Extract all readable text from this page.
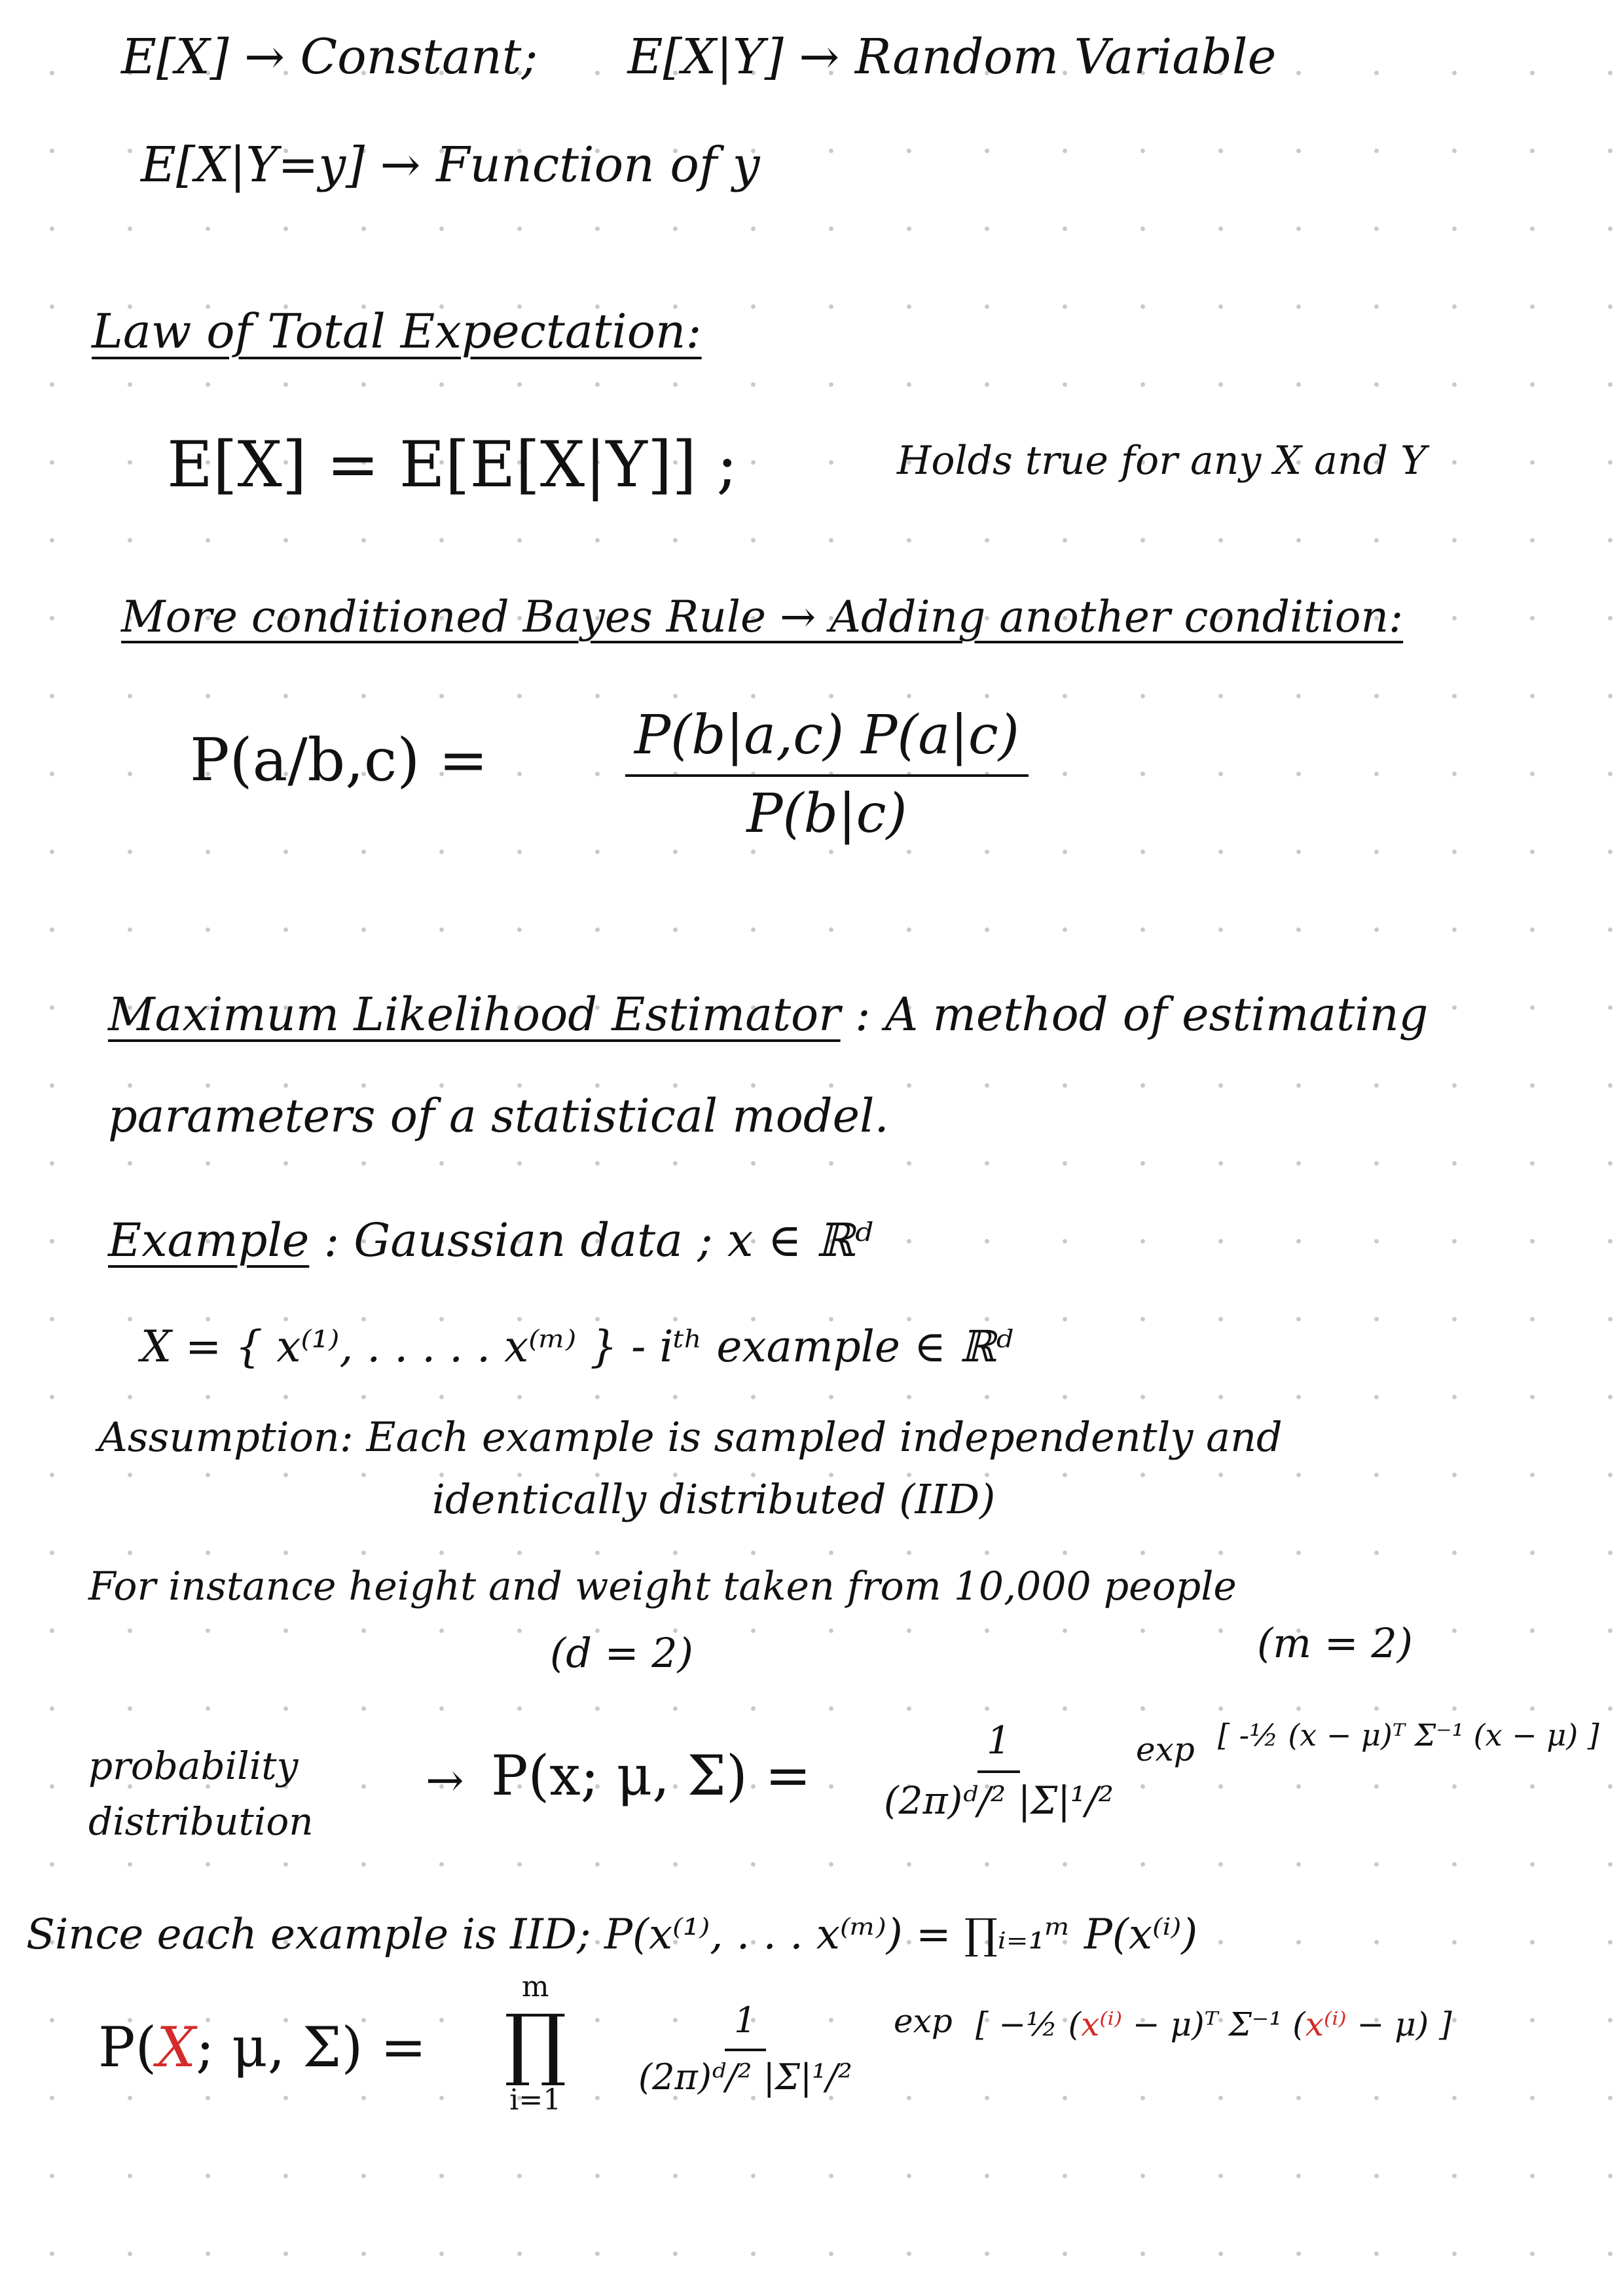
E[X] → Constant; E[X|Y] → Random Variable
E[X|Y=y] → Function of y
Law of Total Expectation:
E[X] = E[E[X|Y]] ;	Holds true for any X and Y
More conditioned Bayes Rule → Adding another condition:
P(a/b,c) =	$\frac{P(b|a,c) P(a|c)}{P(b|c)}$
Maximum Likelihood Estimator : A method of estimating
parameters of a statistical model.
Example : Gaussian data ; x ∈ ℝᵈ
X = { x⁽¹⁾, . . . . . x⁽ᵐ⁾ } - iᵗʰ example ∈ ℝᵈ
Assumption: Each example is sampled independently and
identically distributed (IID)
For instance height and weight taken from 10,000 people
(d = 2)	(m = 2)
probability
distribution
→ P(x; μ, $\Sigma) = \frac{1}{\text{(2π)ᵈ/² |Σ|¹/²}}$ exp [ -½ (x − μ)ᵀ Σ⁻¹ (x − μ) ]
Since each example is IID; P(x⁽¹⁾, . . . x⁽ᵐ⁾) = ∏ᵢ₌₁ᵐ P(x⁽ⁱ⁾)
P(X; μ, Σ) =
m
∏
i=1
$\frac{1}{\text{(2π)ᵈ/² |Σ|¹/²}}$ exp [ −½ (x⁽ⁱ⁾ − μ)ᵀ Σ⁻¹ (x⁽ⁱ⁾ − μ) ]
